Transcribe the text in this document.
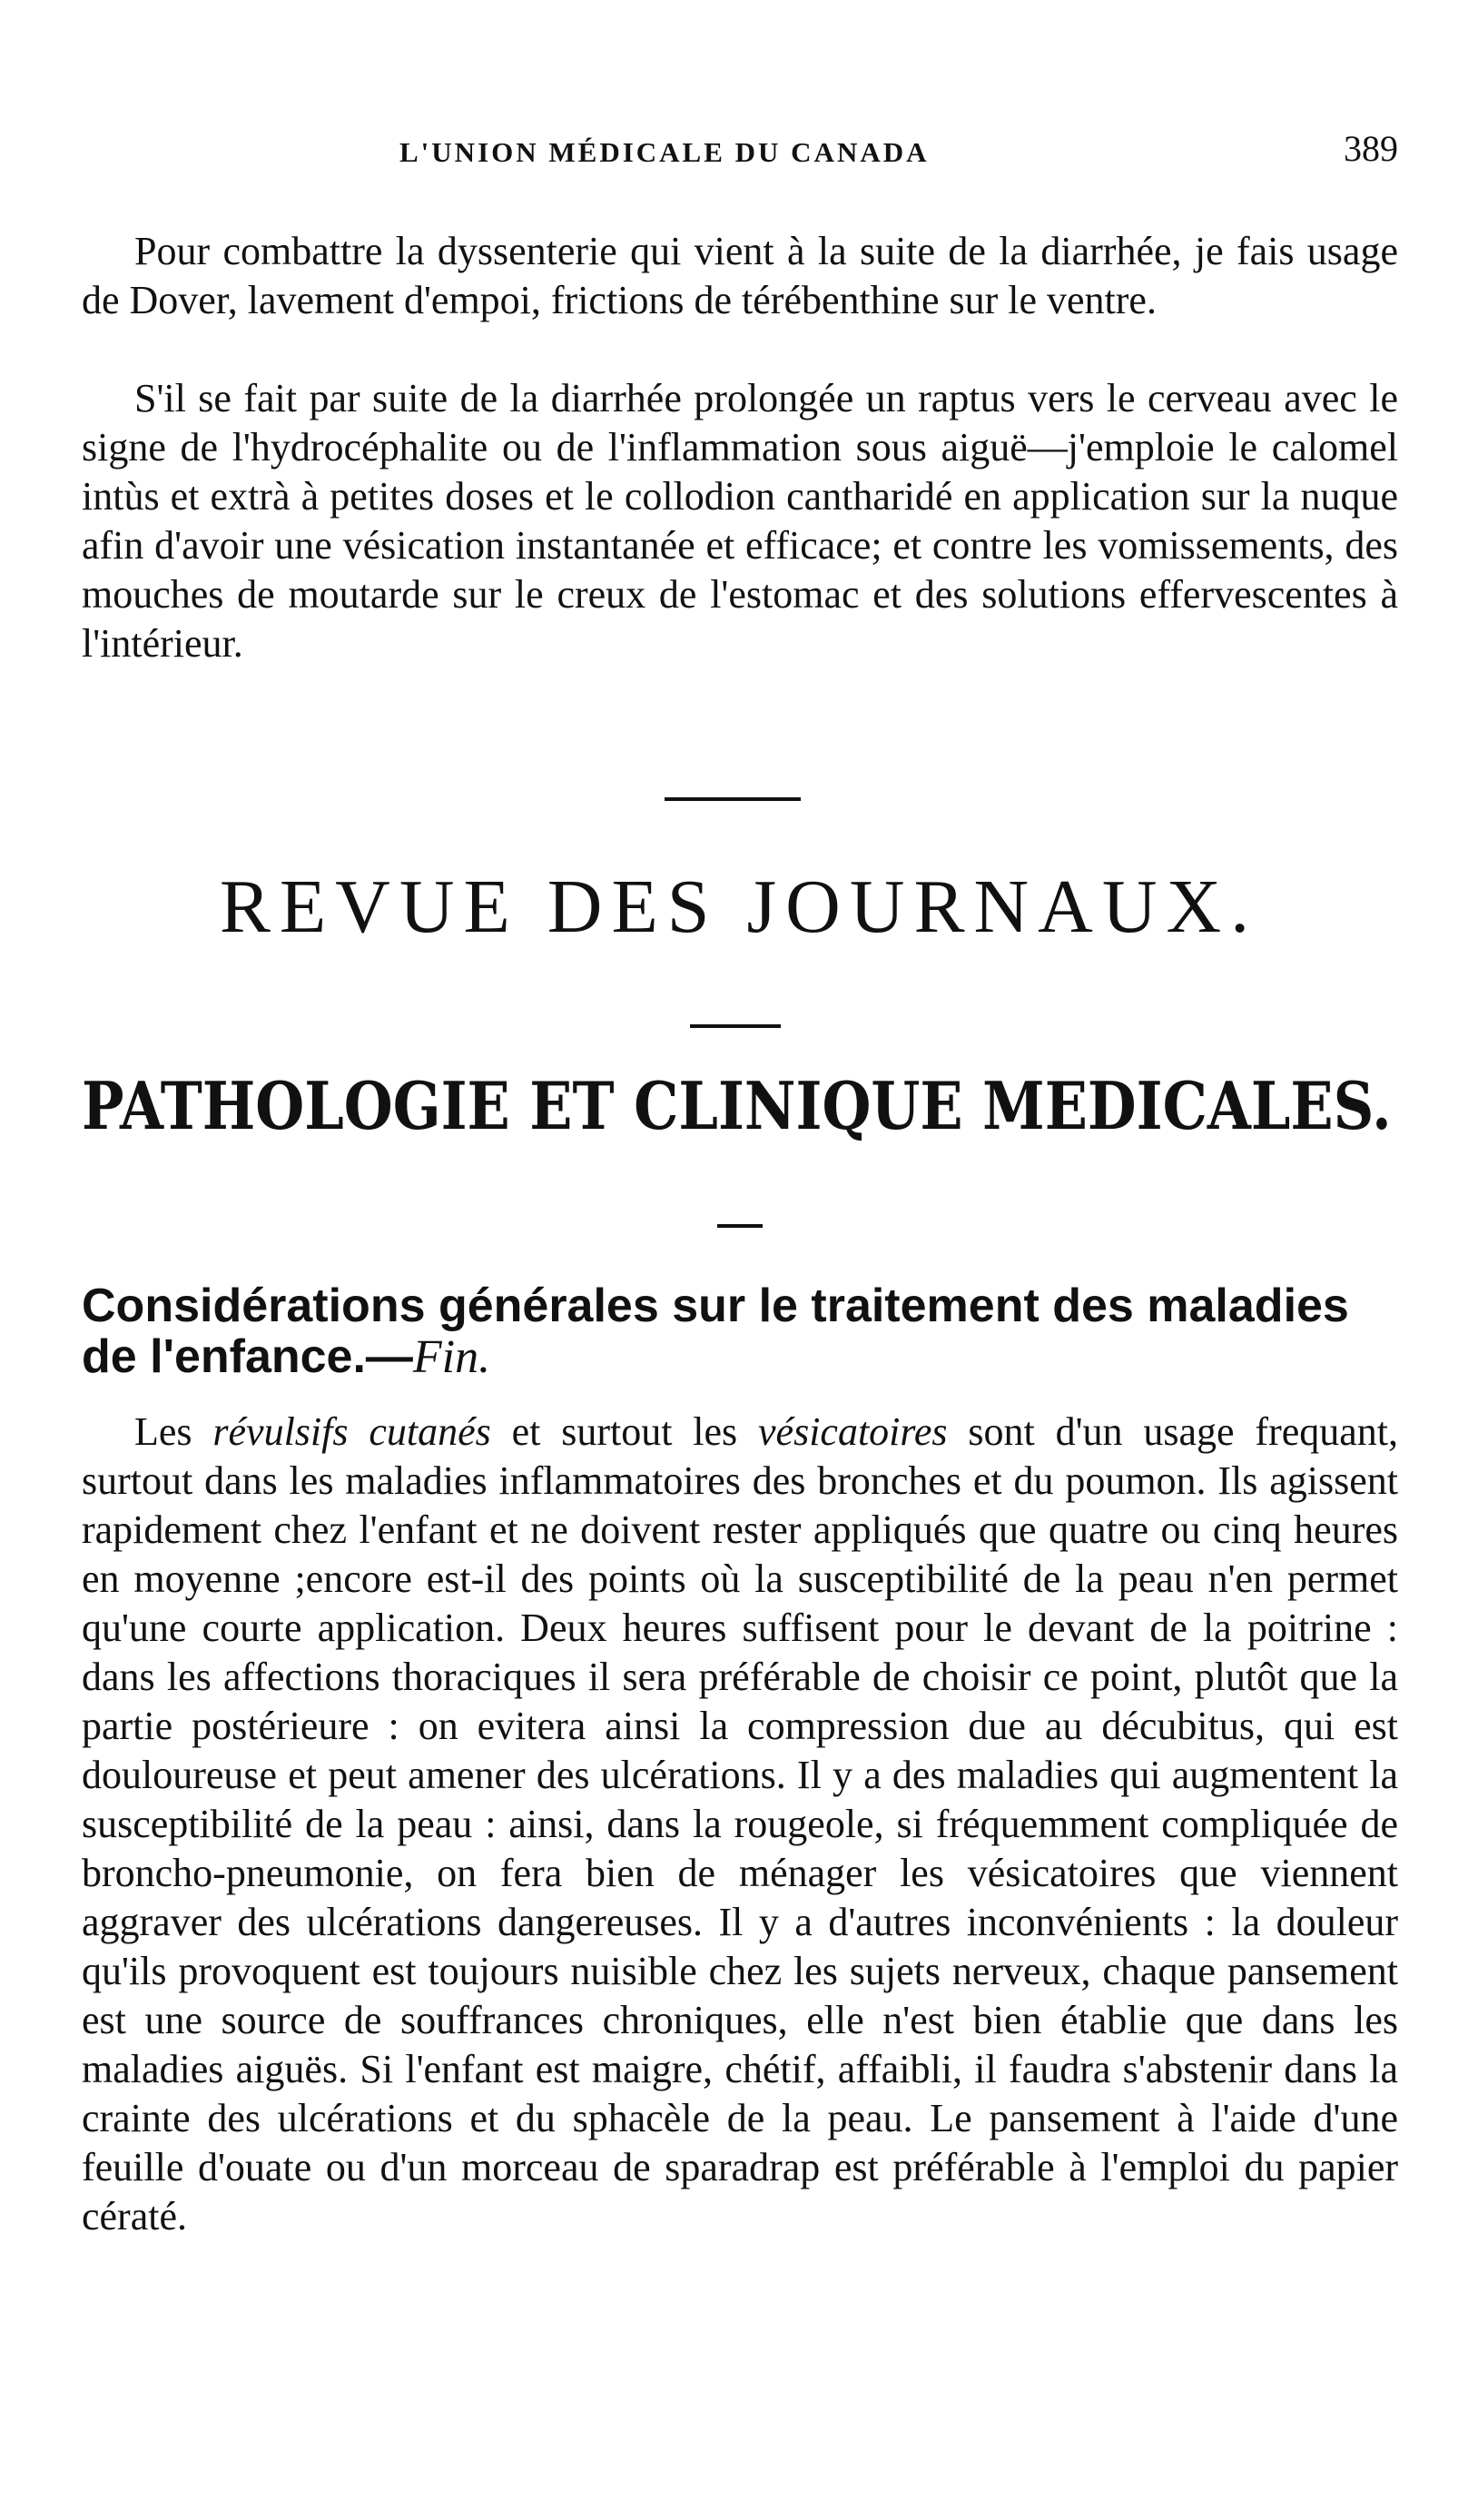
L'UNION MÉDICALE DU CANADA	389

Pour combattre la dyssenterie qui vient à la suite de la diarrhée, je fais usage de Dover, lavement d'empoi, frictions de térébenthine sur le ventre.

S'il se fait par suite de la diarrhée prolongée un raptus vers le cerveau avec le signe de l'hydrocéphalite ou de l'inflammation sous aiguë—j'emploie le calomel intùs et extrà à petites doses et le collodion cantharidé en application sur la nuque afin d'avoir une vésication instantanée et efficace; et contre les vomissements, des mouches de moutarde sur le creux de l'estomac et des solutions effervescentes à l'intérieur.

REVUE DES JOURNAUX.
PATHOLOGIE ET CLINIQUE MEDICALES.
Considérations générales sur le traitement des maladies de l'enfance.—Fin.

Les révulsifs cutanés et surtout les vésicatoires sont d'un usage frequant, surtout dans les maladies inflammatoires des bronches et du poumon. Ils agissent rapidement chez l'enfant et ne doivent rester appliqués que quatre ou cinq heures en moyenne ;encore est-il des points où la susceptibilité de la peau n'en permet qu'une courte application. Deux heures suffisent pour le devant de la poitrine : dans les affections thoraciques il sera préférable de choisir ce point, plutôt que la partie postérieure : on evitera ainsi la compression due au décubitus, qui est douloureuse et peut amener des ulcérations. Il y a des maladies qui augmentent la susceptibilité de la peau : ainsi, dans la rougeole, si fréquemment compliquée de broncho-pneumonie, on fera bien de ménager les vésicatoires que viennent aggraver des ulcérations dangereuses. Il y a d'autres inconvénients : la douleur qu'ils provoquent est toujours nuisible chez les sujets nerveux, chaque pansement est une source de souffrances chroniques, elle n'est bien établie que dans les maladies aiguës. Si l'enfant est maigre, chétif, affaibli, il faudra s'abstenir dans la crainte des ulcérations et du sphacèle de la peau. Le pansement à l'aide d'une feuille d'ouate ou d'un morceau de sparadrap est préférable à l'emploi du papier cératé.
